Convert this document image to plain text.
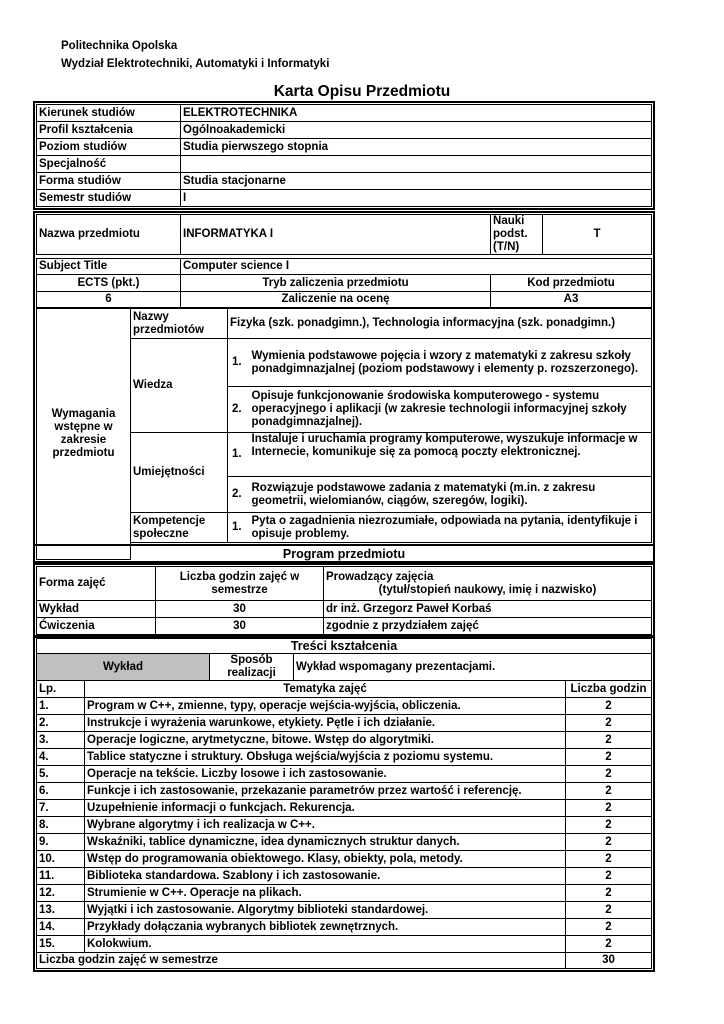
Politechnika Opolska
Wydział Elektrotechniki, Automatyki i Informatyki
Karta Opisu Przedmiotu
Kierunek studiów	ELEKTROTECHNIKA
Profil kształcenia	Ogólnoakademicki
Poziom studiów	Studia pierwszego stopnia
Specjalność	
Forma studiów	Studia stacjonarne
Semestr studiów	I
Nazwa przedmiotu	INFORMATYKA I	Nauki podst. (T/N)	T

Subject Title	Computer science I		
ECTS (pkt.)	Tryb zaliczenia przedmiotu	Kod przedmiotu	
6	Zaliczenie na ocenę	A3	
Wymagania wstępne w zakresie przedmiotu	Nazwy przedmiotów	Fizyka (szk. ponadgimn.), Technologia informacyjna (szk. ponadgimn.)	
	Wiedza	1.	Wymienia podstawowe pojęcia i wzory z matematyki z zakresu szkoły ponadgimnazjalnej (poziom podstawowy i elementy p. rozszerzonego).
		2.	Opisuje funkcjonowanie środowiska komputerowego - systemu operacyjnego i aplikacji (w zakresie technologii informacyjnej szkoły ponadgimnazjalnej).
	Umiejętności	1.	Instaluje i uruchamia programy komputerowe, wyszukuje informacje w Internecie, komunikuje się za pomocą poczty elektronicznej.
		2.	Rozwiązuje podstawowe zadania z matematyki (m.in. z zakresu geometrii, wielomianów, ciągów, szeregów, logiki).
	Kompetencje społeczne	1.	Pyta o zagadnienia niezrozumiałe, odpowiada na pytania, identyfikuje i opisuje problemy.

Program przedmiotu
Forma zajęć	Liczba godzin zajęć w semestrze	Prowadzący zajęcia
(tytuł/stopień naukowy, imię i nazwisko)

Wykład	30	dr inż. Grzegorz Paweł Korbaś
Ćwiczenia	30	zgodnie z przydziałem zajęć
Treści kształcenia				
Wykład		Sposób realizacji	Wykład wspomagany prezentacjami.	
Lp.	Tematyka zajęć			Liczba godzin
1.	Program w C++, zmienne, typy, operacje wejścia-wyjścia, obliczenia.			2
2.	Instrukcje i wyrażenia warunkowe, etykiety. Pętle i ich działanie.			2
3.	Operacje logiczne, arytmetyczne, bitowe. Wstęp do algorytmiki.			2
4.	Tablice statyczne i struktury. Obsługa wejścia/wyjścia z poziomu systemu.			2
5.	Operacje na tekście. Liczby losowe i ich zastosowanie.			2
6.	Funkcje i ich zastosowanie, przekazanie parametrów przez wartość i referencję.			2
7.	Uzupełnienie informacji o funkcjach. Rekurencja.			2
8.	Wybrane algorytmy i ich realizacja w C++.			2
9.	Wskaźniki, tablice dynamiczne, idea dynamicznych struktur danych.			2
10.	Wstęp do programowania obiektowego. Klasy, obiekty, pola, metody.			2
11.	Biblioteka standardowa. Szablony i ich zastosowanie.			2
12.	Strumienie w C++. Operacje na plikach.			2
13.	Wyjątki i ich zastosowanie. Algorytmy biblioteki standardowej.			2
14.	Przykłady dołączania wybranych bibliotek zewnętrznych.			2
15.	Kolokwium.			2
Liczba godzin zajęć w semestrze				30
